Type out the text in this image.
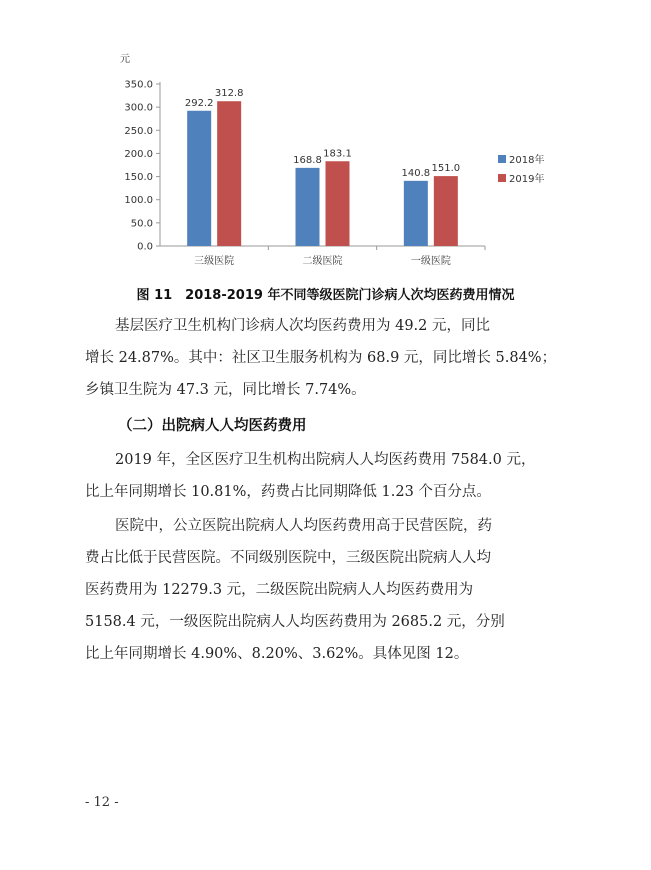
元
0.0
50.0
100.0
150.0
200.0
250.0
300.0
350.0
292.2
312.8
三级医院
168.8
183.1
二级医院
140.8 151.0
一级医院
2018年
2019年
图 11　2018-2019 年不同等级医院门诊病人次均医药费用情况

基层医疗卫生机构门诊病人次均医药费用为 49.2 元，同比
增长 24.87%。其中：社区卫生服务机构为 68.9 元，同比增长 5.84%；
乡镇卫生院为 47.3 元，同比增长 7.74%。

（二）出院病人人均医药费用

2019 年，全区医疗卫生机构出院病人人均医药费用 7584.0 元，
比上年同期增长 10.81%，药费占比同期降低 1.23 个百分点。

医院中，公立医院出院病人人均医药费用高于民营医院，药
费占比低于民营医院。不同级别医院中，三级医院出院病人人均
医药费用为 12279.3 元，二级医院出院病人人均医药费用为
5158.4 元，一级医院出院病人人均医药费用为 2685.2 元，分别
比上年同期增长 4.90%、8.20%、3.62%。具体见图 12。

- 12 -
